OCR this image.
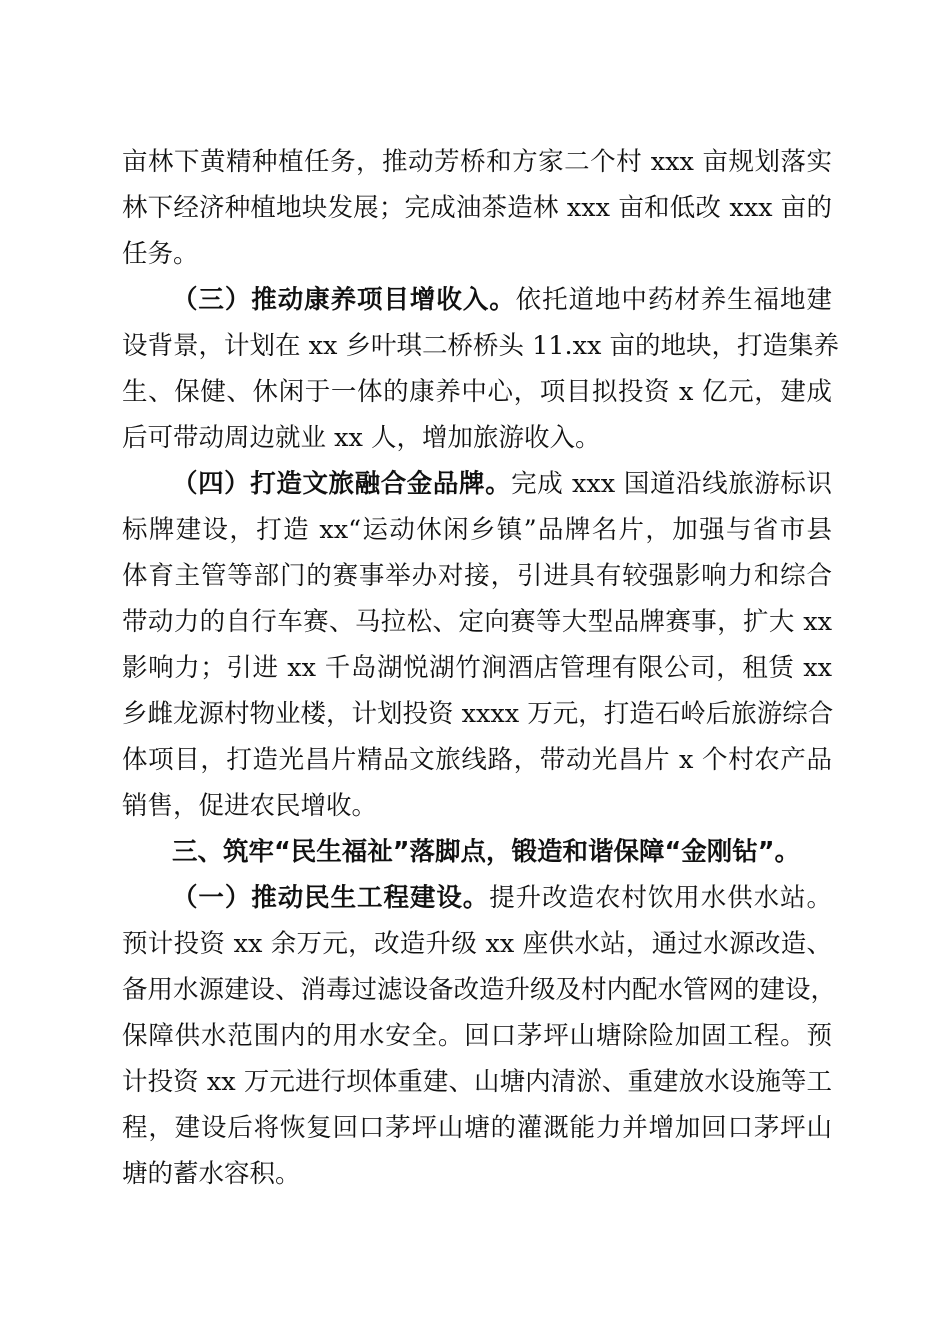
亩林下黄精种植任务，推动芳桥和方家二个村 xxx 亩规划落实
林下经济种植地块发展；完成油茶造林 xxx 亩和低改 xxx 亩的
任务。
（三）推动康养项目增收入。依托道地中药材养生福地建
设背景，计划在 xx 乡叶琪二桥桥头 11.xx 亩的地块，打造集养
生、保健、休闲于一体的康养中心，项目拟投资 x 亿元，建成
后可带动周边就业 xx 人，增加旅游收入。
（四）打造文旅融合金品牌。完成 xxx 国道沿线旅游标识
标牌建设，打造 xx“运动休闲乡镇”品牌名片，加强与省市县
体育主管等部门的赛事举办对接，引进具有较强影响力和综合
带动力的自行车赛、马拉松、定向赛等大型品牌赛事，扩大 xx
影响力；引进 xx 千岛湖悦湖竹涧酒店管理有限公司，租赁 xx
乡雌龙源村物业楼，计划投资 xxxx 万元，打造石岭后旅游综合
体项目，打造光昌片精品文旅线路，带动光昌片 x 个村农产品
销售，促进农民增收。
三、筑牢“民生福祉”落脚点，锻造和谐保障“金刚钻”。
（一）推动民生工程建设。提升改造农村饮用水供水站。
预计投资 xx 余万元，改造升级 xx 座供水站，通过水源改造、
备用水源建设、消毒过滤设备改造升级及村内配水管网的建设，
保障供水范围内的用水安全。回口茅坪山塘除险加固工程。预
计投资 xx 万元进行坝体重建、山塘内清淤、重建放水设施等工
程，建设后将恢复回口茅坪山塘的灌溉能力并增加回口茅坪山
塘的蓄水容积。
